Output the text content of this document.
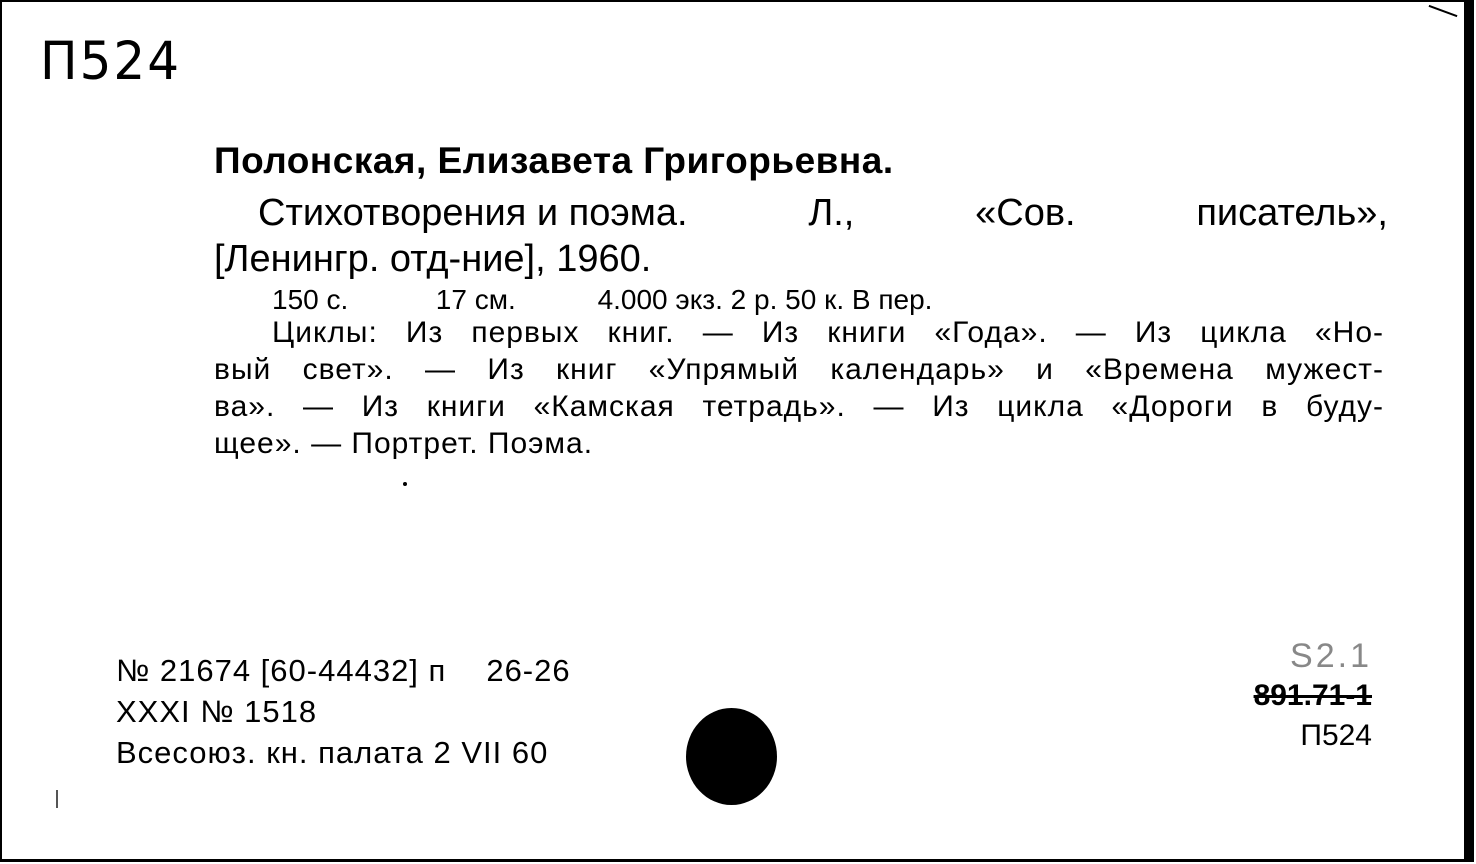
П524
Полонская, Елизавета Григорьевна.
Стихотворения и поэма.	Л.,	«Сов.	писатель»,
[Ленингр. отд-ние], 1960.
150 с.	17 см.	4.000 экз. 2 р. 50 к. В пер.
Циклы: Из первых книг. — Из книги «Года». — Из цикла «Но-
вый свет». — Из книг «Упрямый календарь» и «Времена мужест-
ва». — Из книги «Камская тетрадь». — Из цикла «Дороги в буду-
щее». — Портрет. Поэма.
№ 21674 [60-44432] п 26-26
XXXI № 1518
Всесоюз. кн. палата 2 VII 60
S2.1
891.71-1
П524
